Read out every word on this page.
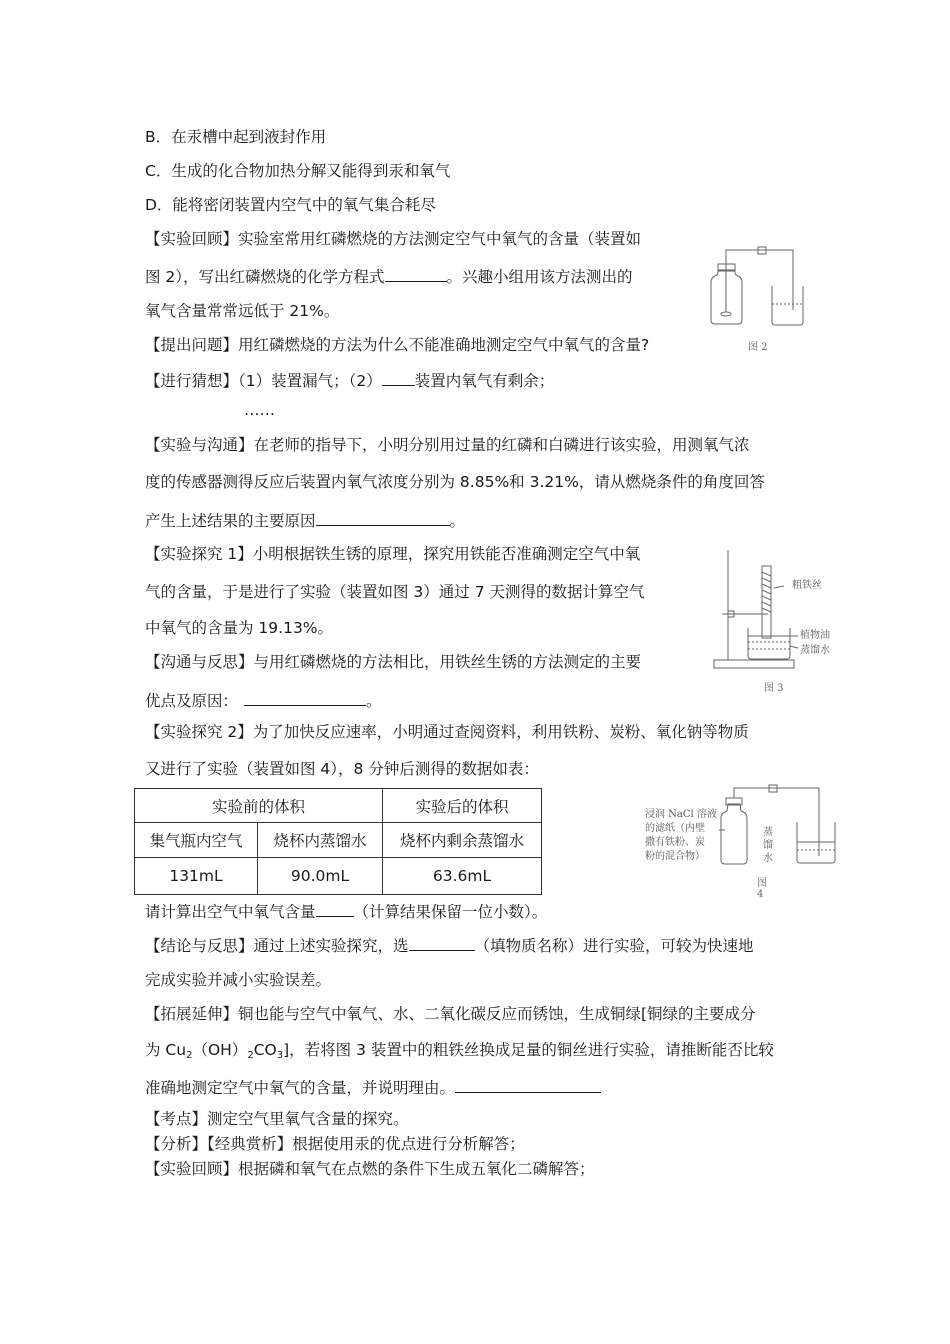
B．在汞槽中起到液封作用
C．生成的化合物加热分解又能得到汞和氧气
D．能将密闭装置内空气中的氧气集合耗尽
【实验回顾】实验室常用红磷燃烧的方法测定空气中氧气的含量（装置如
图 2），写出红磷燃烧的化学方程式	。兴趣小组用该方法测出的
氧气含量常常远低于 21%。
【提出问题】用红磷燃烧的方法为什么不能准确地测定空气中氧气的含量?
【进行猜想】（1）装置漏气；（2） 装置内氧气有剩余；
……
【实验与沟通】在老师的指导下，小明分别用过量的红磷和白磷进行该实验，用测氧气浓
度的传感器测得反应后装置内氧气浓度分别为 8.85%和 3.21%，请从燃烧条件的角度回答
产生上述结果的主要原因	。
【实验探究 1】小明根据铁生锈的原理，探究用铁能否准确测定空气中氧
气的含量，于是进行了实验（装置如图 3）通过 7 天测得的数据计算空气
中氧气的含量为 19.13%。
【沟通与反思】与用红磷燃烧的方法相比，用铁丝生锈的方法测定的主要
优点及原因：	。
【实验探究 2】为了加快反应速率，小明通过查阅资料，利用铁粉、炭粉、氧化钠等物质
又进行了实验（装置如图 4），8 分钟后测得的数据如表：
实验前的体积		实验后的体积
集气瓶内空气	烧杯内蒸馏水	烧杯内剩余蒸馏水
131mL	90.0mL	63.6mL
请计算出空气中氧气含量 （计算结果保留一位小数）。
【结论与反思】通过上述实验探究，选	（填物质名称）进行实验，可较为快速地
完成实验并减小实验误差。
【拓展延伸】铜也能与空气中氧气、水、二氧化碳反应而锈蚀，生成铜绿[铜绿的主要成分
为 $Cu_2(OH)_2CO_3$]，若将图 3 装置中的粗铁丝换成足量的铜丝进行实验，请推断能否比较
准确地测定空气中氧气的含量，并说明理由。
【考点】测定空气里氧气含量的探究。
【分析】【经典赏析】根据使用汞的优点进行分析解答；
【实验回顾】根据磷和氧气在点燃的条件下生成五氧化二磷解答；
图 2
粗铁丝
植物油
蒸馏水
图 3
浸润 NaCl 溶液
的滤纸（内壁
撒有铁粉、炭
粉的混合物）
蒸
馏
水
图 4
